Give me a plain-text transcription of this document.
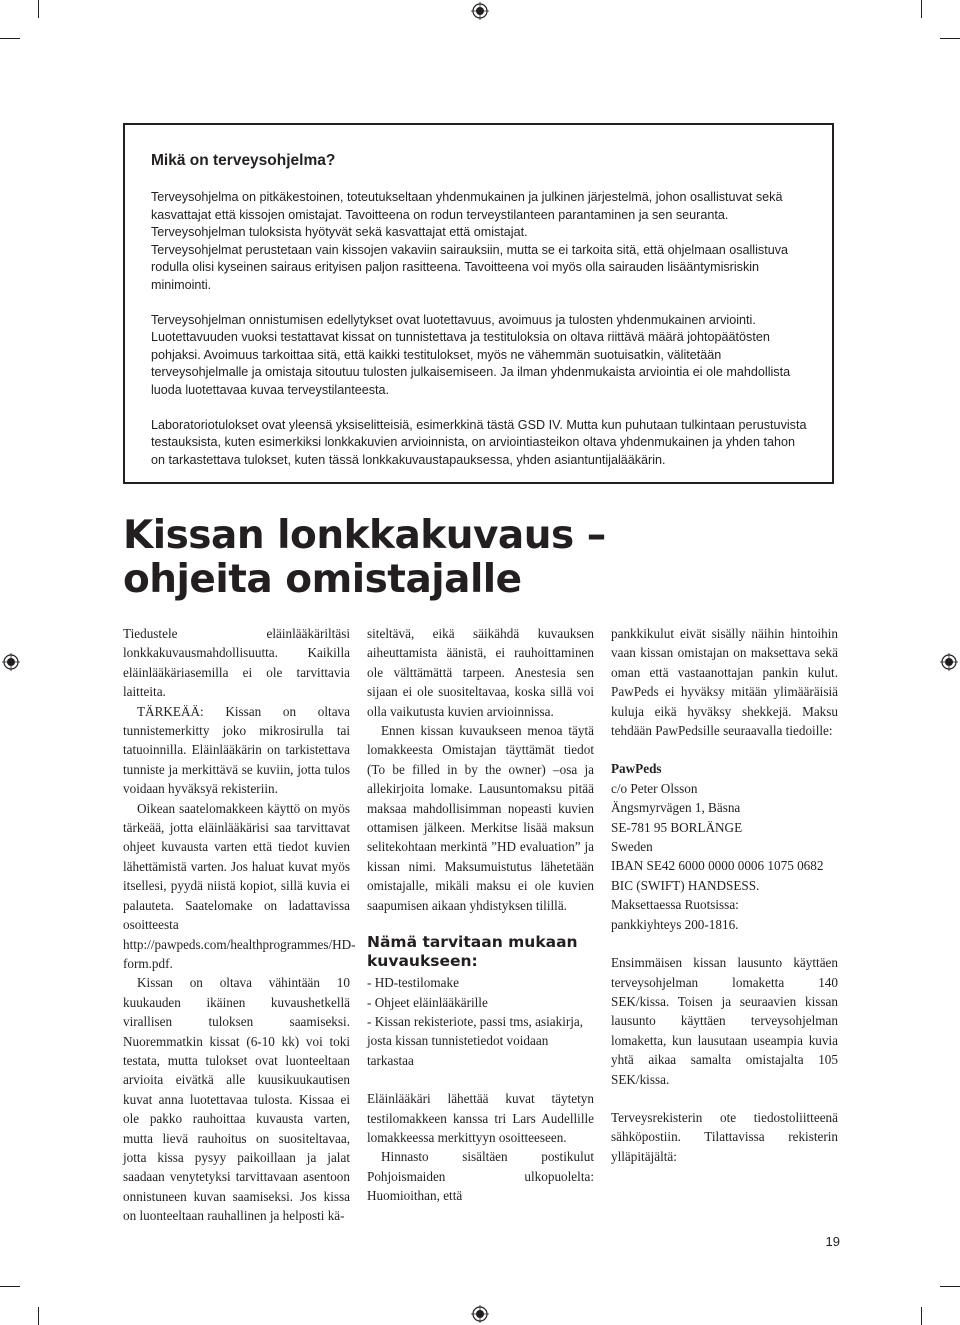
Mikä on terveysohjelma?

Terveysohjelma on pitkäkestoinen, toteutukseltaan yhdenmukainen ja julkinen järjestelmä, johon osallistuvat sekä kasvattajat että kissojen omistajat. Tavoitteena on rodun terveystilanteen parantaminen ja sen seuranta. Terveysohjelman tuloksista hyötyvät sekä kasvattajat että omistajat.

Terveysohjelmat perustetaan vain kissojen vakaviin sairauksiin, mutta se ei tarkoita sitä, että ohjelmaan osallistuva rodulla olisi kyseinen sairaus erityisen paljon rasitteena. Tavoitteena voi myös olla sairauden lisääntymisriskin minimointi.

Terveysohjelman onnistumisen edellytykset ovat luotettavuus, avoimuus ja tulosten yhdenmukainen arviointi. Luotettavuuden vuoksi testattavat kissat on tunnistettava ja testituloksia on oltava riittävä määrä johtopäätösten pohjaksi. Avoimuus tarkoittaa sitä, että kaikki testitulokset, myös ne vähemmän suotuisatkin, välitetään terveysohjelmalle ja omistaja sitoutuu tulosten julkaisemiseen. Ja ilman yhdenmukaista arviointia ei ole mahdollista luoda luotettavaa kuvaa terveystilanteesta.

Laboratoriotulokset ovat yleensä yksiselitteisiä, esimerkkinä tästä GSD IV. Mutta kun puhutaan tulkintaan perustuvista testauksista, kuten esimerkiksi lonkkakuvien arvioinnista, on arviointiasteikon oltava yhdenmukainen ja yhden tahon on tarkastettava tulokset, kuten tässä lonkkakuvaustapauksessa, yhden asiantuntijalääkärin.

Kissan lonkkakuvaus –
ohjeita omistajalle

Tiedustele eläinlääkäriltäsi lonkkakuvausmahdollisuutta. Kaikilla eläinlääkäriasemilla ei ole tarvittavia laitteita.

TÄRKEÄÄ: Kissan on oltava tunnistemerkitty joko mikrosirulla tai tatuoinnilla. Eläinlääkärin on tarkistettava tunniste ja merkittävä se kuviin, jotta tulos voidaan hyväksyä rekisteriin.

Oikean saatelomakkeen käyttö on myös tärkeää, jotta eläinlääkärisi saa tarvittavat ohjeet kuvausta varten että tiedot kuvien lähettämistä varten. Jos haluat kuvat myös itsellesi, pyydä niistä kopiot, sillä kuvia ei palauteta. Saatelomake on ladattavissa osoitteesta http://pawpeds.com/healthprogrammes/HD-form.pdf.

Kissan on oltava vähintään 10 kuukauden ikäinen kuvaushetkellä virallisen tuloksen saamiseksi. Nuoremmatkin kissat (6-10 kk) voi toki testata, mutta tulokset ovat luonteeltaan arvioita eivätkä alle kuusikuukautisen kuvat anna luotettavaa tulosta. Kissaa ei ole pakko rauhoittaa kuvausta varten, mutta lievä rauhoitus on suositeltavaa, jotta kissa pysyy paikoillaan ja jalat saadaan venytetyksi tarvittavaan asentoon onnistuneen kuvan saamiseksi. Jos kissa on luonteeltaan rauhallinen ja helposti kä-

siteltävä, eikä säikähdä kuvauksen aiheuttamista äänistä, ei rauhoittaminen ole välttämättä tarpeen. Anestesia sen sijaan ei ole suositeltavaa, koska sillä voi olla vaikutusta kuvien arvioinnissa.

Ennen kissan kuvaukseen menoa täytä lomakkeesta Omistajan täyttämät tiedot (To be filled in by the owner) –osa ja allekirjoita lomake. Lausuntomaksu pitää maksaa mahdollisimman nopeasti kuvien ottamisen jälkeen. Merkitse lisää maksun selitekohtaan merkintä ”HD evaluation” ja kissan nimi. Maksumuistutus lähetetään omistajalle, mikäli maksu ei ole kuvien saapumisen aikaan yhdistyksen tilillä.

Nämä tarvitaan mukaan kuvaukseen:

- HD-testilomake

- Ohjeet eläinlääkärille

- Kissan rekisteriote, passi tms, asiakirja, josta kissan tunnistetiedot voidaan tarkastaa

Eläinlääkäri lähettää kuvat täytetyn testilomakkeen kanssa tri Lars Audellille lomakkeessa merkittyyn osoitteeseen.

Hinnasto sisältäen postikulut Pohjoismaiden ulkopuolelta: Huomioithan, että

pankkikulut eivät sisälly näihin hintoihin vaan kissan omistajan on maksettava sekä oman että vastaanottajan pankin kulut. PawPeds ei hyväksy mitään ylimääräisiä kuluja eikä hyväksy shekkejä. Maksu tehdään PawPedsille seuraavalla tiedoille:

PawPeds
c/o Peter Olsson
Ängsmyrvägen 1, Bäsna
SE-781 95 BORLÄNGE
Sweden
IBAN SE42 6000 0000 0006 1075 0682
BIC (SWIFT) HANDSESS.
Maksettaessa Ruotsissa:
pankkiyhteys 200-1816.

Ensimmäisen kissan lausunto käyttäen terveysohjelman lomaketta 140 SEK/kissa. Toisen ja seuraavien kissan lausunto käyttäen terveysohjelman lomaketta, kun lausutaan useampia kuvia yhtä aikaa samalta omistajalta 105 SEK/kissa.

Terveysrekisterin ote tiedostoliitteenä sähköpostiin. Tilattavissa rekisterin ylläpitäjältä:

19
